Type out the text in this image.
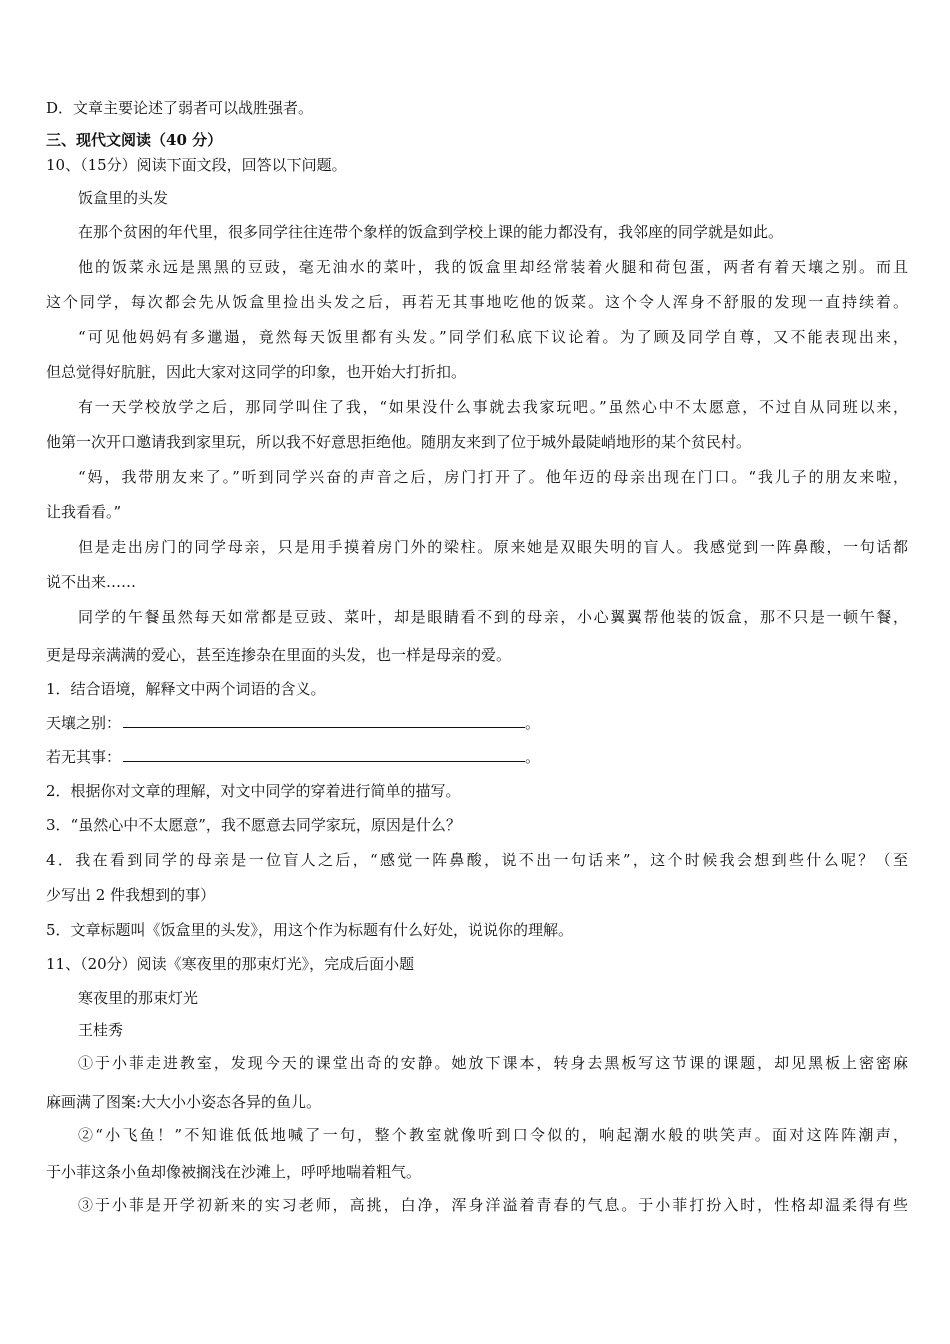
D．文章主要论述了弱者可以战胜强者。
三、现代文阅读（40 分）
10、（15分）阅读下面文段，回答以下问题。
饭盒里的头发
在那个贫困的年代里，很多同学往往连带个象样的饭盒到学校上课的能力都没有，我邻座的同学就是如此。
他的饭菜永远是黑黑的豆豉，毫无油水的菜叶，我的饭盒里却经常装着火腿和荷包蛋，两者有着天壤之别。而且
这个同学，每次都会先从饭盒里捡出头发之后，再若无其事地吃他的饭菜。这个令人浑身不舒服的发现一直持续着。
“可见他妈妈有多邋遢，竟然每天饭里都有头发。”同学们私底下议论着。为了顾及同学自尊，又不能表现出来，
但总觉得好肮脏，因此大家对这同学的印象，也开始大打折扣。
有一天学校放学之后，那同学叫住了我，“如果没什么事就去我家玩吧。”虽然心中不太愿意，不过自从同班以来，
他第一次开口邀请我到家里玩，所以我不好意思拒绝他。随朋友来到了位于城外最陡峭地形的某个贫民村。
“妈，我带朋友来了。”听到同学兴奋的声音之后，房门打开了。他年迈的母亲出现在门口。“我儿子的朋友来啦，
让我看看。”
但是走出房门的同学母亲，只是用手摸着房门外的梁柱。原来她是双眼失明的盲人。我感觉到一阵鼻酸，一句话都
说不出来……
同学的午餐虽然每天如常都是豆豉、菜叶，却是眼睛看不到的母亲，小心翼翼帮他装的饭盒，那不只是一顿午餐，
更是母亲满满的爱心，甚至连掺杂在里面的头发，也一样是母亲的爱。
1．结合语境，解释文中两个词语的含义。
天壤之别：	。
若无其事：	。
2．根据你对文章的理解，对文中同学的穿着进行简单的描写。
3．“虽然心中不太愿意”，我不愿意去同学家玩，原因是什么？
4．我在看到同学的母亲是一位盲人之后，“感觉一阵鼻酸，说不出一句话来”，这个时候我会想到些什么呢？（至
少写出 2 件我想到的事）
5．文章标题叫《饭盒里的头发》，用这个作为标题有什么好处，说说你的理解。
11、（20分）阅读《寒夜里的那束灯光》，完成后面小题
寒夜里的那束灯光
王桂秀
①于小菲走进教室，发现今天的课堂出奇的安静。她放下课本，转身去黑板写这节课的课题，却见黑板上密密麻
麻画满了图案:大大小小姿态各异的鱼儿。
②“小飞鱼！”不知谁低低地喊了一句，整个教室就像听到口令似的，响起潮水般的哄笑声。面对这阵阵潮声，
于小菲这条小鱼却像被搁浅在沙滩上，呼呼地喘着粗气。
③于小菲是开学初新来的实习老师，高挑，白净，浑身洋溢着青春的气息。于小菲打扮入时，性格却温柔得有些
